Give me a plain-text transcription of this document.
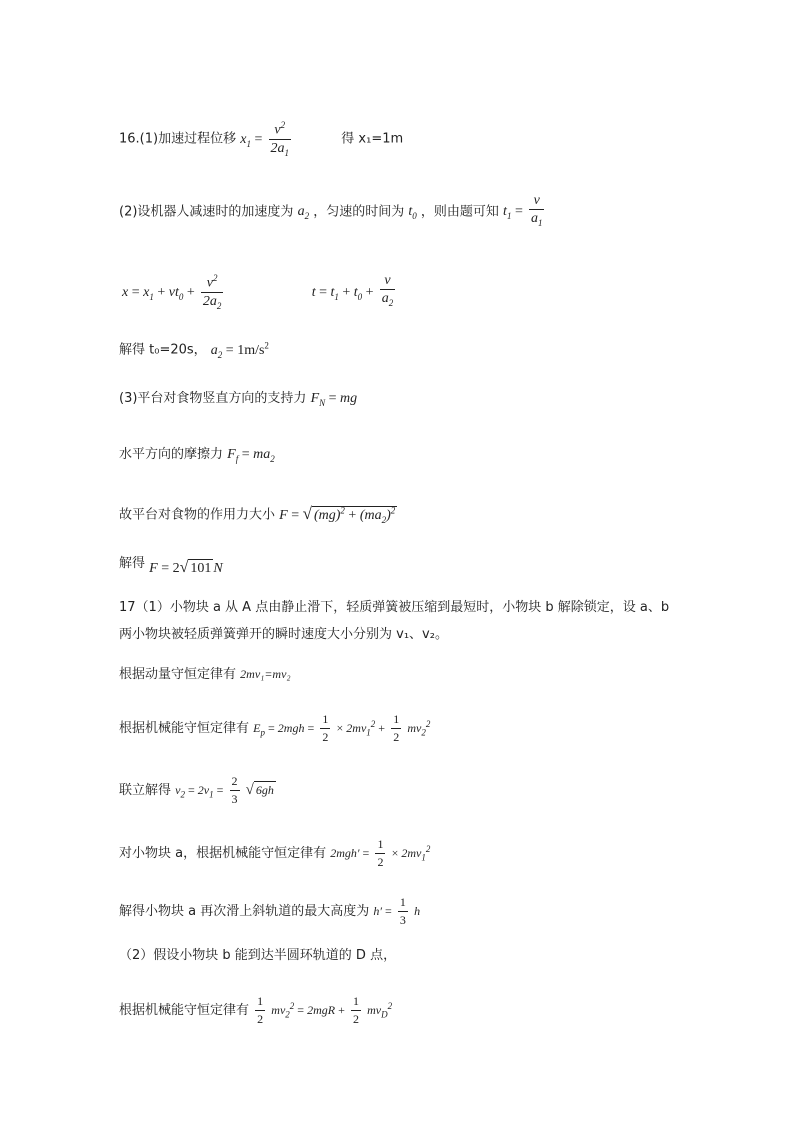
16.(1)加速过程位移 $x_1 = \frac{v^2}{2a_1}$	得 x₁=1m
(2)设机器人减速时的加速度为 $a_2$ ，匀速的时间为 $t_0$ ，则由题可知 $t_1 = \frac{v}{a_1}$
$x = x_1 + vt_0 + \frac{v^2}{2a_2}$	$t = t_1 + t_0 + \frac{v}{a_2}$
解得 t₀=20s， $a_2 = 1m/s^2$
(3)平台对食物竖直方向的支持力 $F_N$ = mg
水平方向的摩擦力 $F_f = ma_2$
故平台对食物的作用力大小 F = √ $(mg)^2 + (ma_2)^2$
解得 F = 2√ 101 N
17（1）小物块 a 从 A 点由静止滑下，轻质弹簧被压缩到最短时，小物块 b 解除锁定，设 a、b
两小物块被轻质弹簧弹开的瞬时速度大小分别为 v₁、v₂。
根据动量守恒定律有 2mv₁=mv₂
根据机械能守恒定律有 $E_p = 2mgh = \frac{1}{2} \times 2mv_1^2 + \frac{1}{2} mv_2^2$
联立解得 $v_2 = 2v_1 = \frac{2}{3}$ √ 6gh
对小物块 a，根据机械能守恒定律有 $2mgh' = \frac{1}{2} \times 2mv_1^2$
解得小物块 a 再次滑上斜轨道的最大高度为 $h' = \frac{1}{3}$ h
（2）假设小物块 b 能到达半圆环轨道的 D 点，
根据机械能守恒定律有 $\frac{1}{2} mv_2^2 = 2mgR + \frac{1}{2} mv_D^2$
